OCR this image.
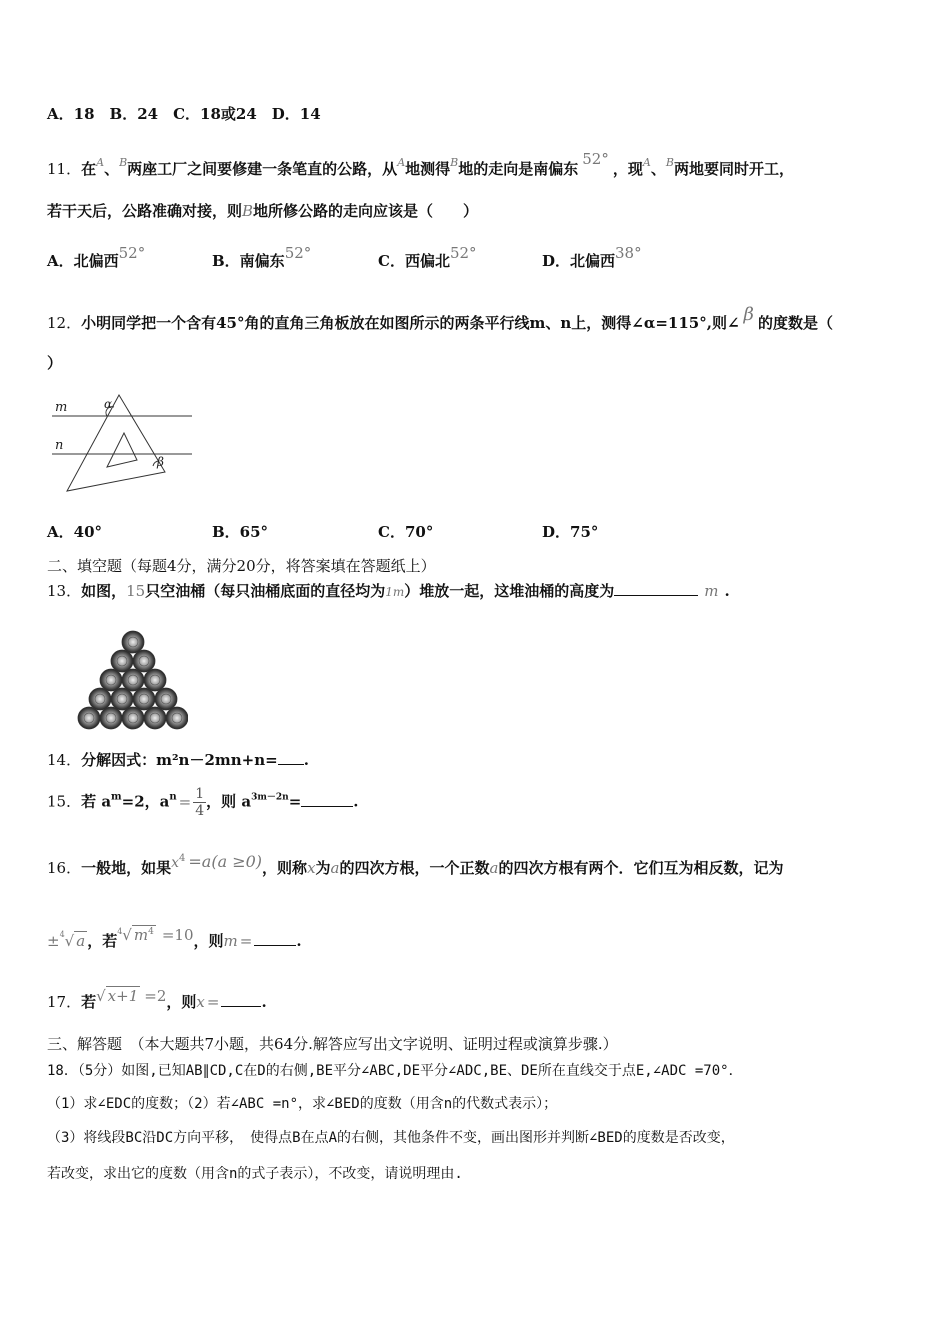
A．18　B．24　C．18或24　D．14
11．在$^A$、$^B$两座工厂之间要修建一条笔直的公路，从$^A$地测得$^B$地的走向是南偏东52°，现$^A$、$^B$两地要同时开工，
若干天后，公路准确对接，则B地所修公路的走向应该是（　　）
A．北偏西52°	B．南偏东52°	C．西偏北52°	D．北偏西38°
12．小明同学把一个含有45°角的直角三角板放在如图所示的两条平行线m、n上，测得∠α=115°,则∠ β 的度数是（
）
m
n
α
β
A．40°	B．65°	C．70°	D．75°
二、填空题（每题4分，满分20分，将答案填在答题纸上）
13．如图，15只空油桶（每只油桶底面的直径均为1m）堆放一起，这堆油桶的高度为	m .
14．分解因式：m²n－2mn+n= .
15．若 $a^m=2$，$a^n = \frac{1}{4}$ ，则 $a^{3m-2n}=$	.
16．一般地，如果$x^4 =a(a \ge 0)$，则称x为a的四次方根，一个正数a的四次方根有两个．它们互为相反数，记为
±$^4$√ a ，若$^4$√ $m^4 =10$，则m =	.
17．若√ x+1 =2，则x =	.
三、解答题　（本大题共7小题，共64分.解答应写出文字说明、证明过程或演算步骤.）
18．（5分）如图,已知AB∥CD,C在D的右侧,BE平分∠ABC,DE平分∠ADC,BE、DE所在直线交于点E,∠ADC =70°．
（1）求∠EDC的度数；（2）若∠ABC =n°，求∠BED的度数（用含n的代数式表示）；
（3）将线段BC沿DC方向平移，　使得点B在点A的右侧，其他条件不变，画出图形并判断∠BED的度数是否改变，
若改变，求出它的度数（用含n的式子表示），不改变，请说明理由.
